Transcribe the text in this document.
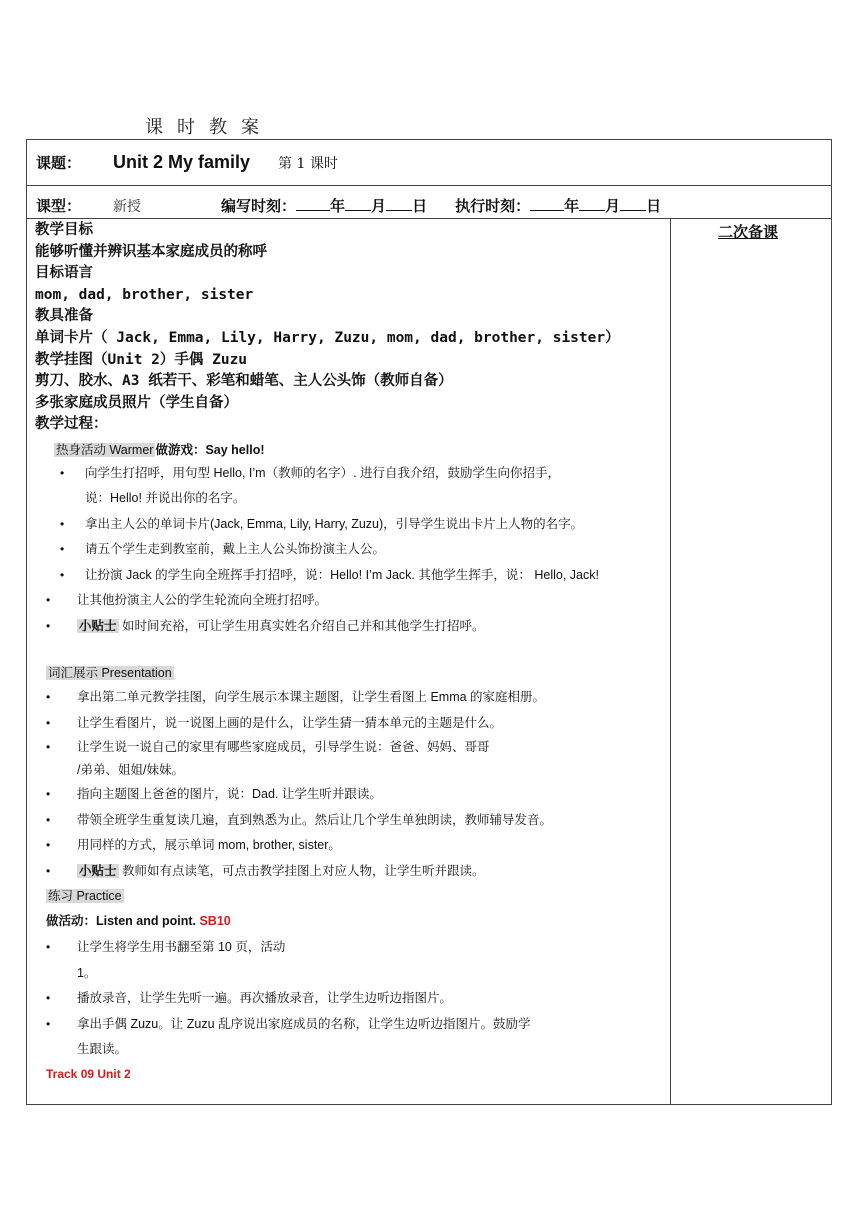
课时教案
课题： Unit 2 My family 第 1 课时
课型： 新授	编写时刻： 年 月 日 执行时刻： 年 月 日
二次备课
教学目标
能够听懂并辨识基本家庭成员的称呼
目标语言
mom, dad, brother, sister
教具准备
单词卡片（ Jack, Emma, Lily, Harry, Zuzu, mom, dad, brother, sister）
教学挂图（Unit 2）手偶 Zuzu
剪刀、胶水、A3 纸若干、彩笔和蜡笔、主人公头饰（教师自备）
多张家庭成员照片（学生自备）
教学过程：
热身活动 Warmer 做游戏：Say hello!
• 向学生打招呼，用句型 Hello, I’m（教师的名字）. 进行自我介绍，鼓励学生向你招手，
说：Hello! 并说出你的名字。
• 拿出主人公的单词卡片(Jack, Emma, Lily, Harry, Zuzu)，引导学生说出卡片上人物的名字。
• 请五个学生走到教室前，戴上主人公头饰扮演主人公。
• 让扮演 Jack 的学生向全班挥手打招呼，说：Hello! I’m Jack. 其他学生挥手，说： Hello, Jack!
• 让其他扮演主人公的学生轮流向全班打招呼。
• 小贴士 如时间充裕，可让学生用真实姓名介绍自己并和其他学生打招呼。
词汇展示 Presentation
• 拿出第二单元教学挂图，向学生展示本课主题图，让学生看图上 Emma 的家庭相册。
• 让学生看图片，说一说图上画的是什么，让学生猜一猜本单元的主题是什么。
• 让学生说一说自己的家里有哪些家庭成员，引导学生说：爸爸、妈妈、哥哥
/弟弟、姐姐/妹妹。
• 指向主题图上爸爸的图片，说：Dad. 让学生听并跟读。
• 带领全班学生重复读几遍，直到熟悉为止。然后让几个学生单独朗读，教师辅导发音。
• 用同样的方式，展示单词 mom, brother, sister。
• 小贴士 教师如有点读笔，可点击教学挂图上对应人物，让学生听并跟读。
练习 Practice
做活动：Listen and point. SB10
• 让学生将学生用书翻至第 10 页，活动
1。
• 播放录音，让学生先听一遍。再次播放录音，让学生边听边指图片。
• 拿出手偶 Zuzu。让 Zuzu 乱序说出家庭成员的名称，让学生边听边指图片。鼓励学
生跟读。
Track 09 Unit 2
